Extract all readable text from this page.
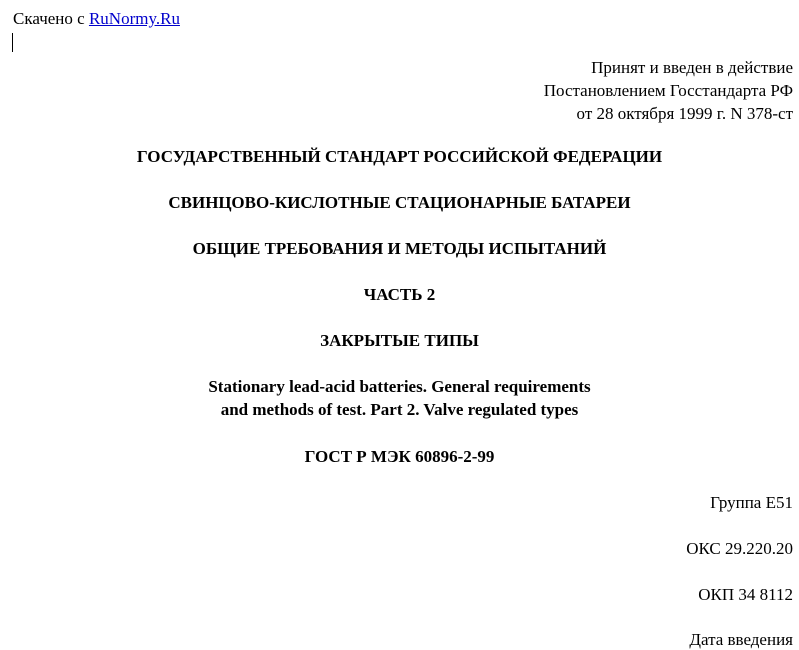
Скачено с RuNormy.Ru
Принят и введен в действие
Постановлением Госстандарта РФ
от 28 октября 1999 г. N 378-ст
ГОСУДАРСТВЕННЫЙ СТАНДАРТ РОССИЙСКОЙ ФЕДЕРАЦИИ
СВИНЦОВО-КИСЛОТНЫЕ СТАЦИОНАРНЫЕ БАТАРЕИ
ОБЩИЕ ТРЕБОВАНИЯ И МЕТОДЫ ИСПЫТАНИЙ
ЧАСТЬ 2
ЗАКРЫТЫЕ ТИПЫ
Stationary lead-acid batteries. General requirements
and methods of test. Part 2. Valve regulated types
ГОСТ Р МЭК 60896-2-99
Группа Е51
ОКС 29.220.20
ОКП 34 8112
Дата введения
